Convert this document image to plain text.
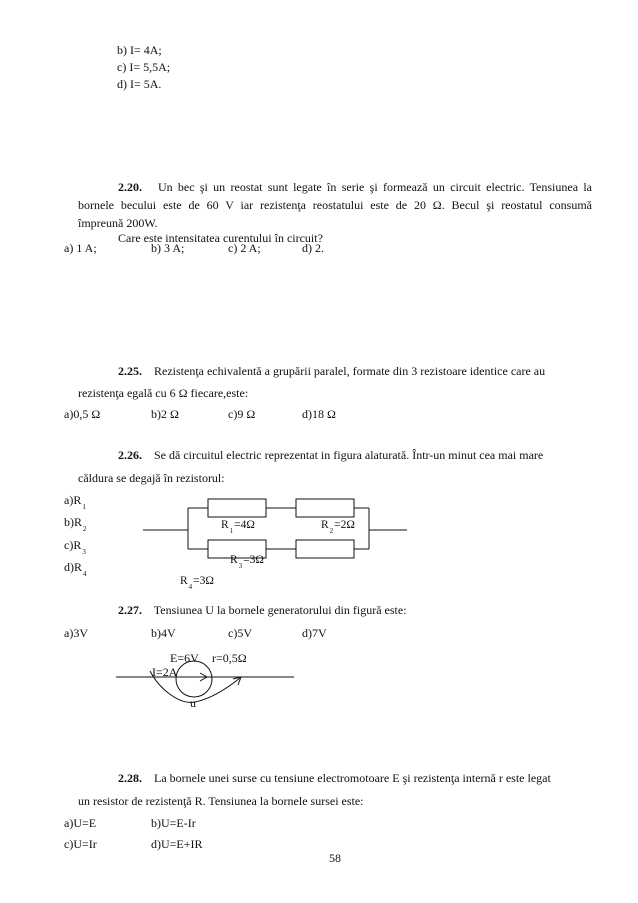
b) I= 4A;
c) I= 5,5A;
d) I= 5A.
2.20. Un bec şi un reostat sunt legate în serie şi formează un circuit electric. Tensiunea la
bornele becului este de 60 V iar rezistenţa reostatului este de 20 Ω. Becul şi reostatul consumă
împreună 200W.
Care este intensitatea curentului în circuit?
a) 1 A;	b) 3 A;	c) 2 A;	d) 2.
2.25. Rezistenţa echivalentă a grupării paralel, formate din 3 rezistoare identice care au
rezistenţa egală cu 6 Ω fiecare,este:
a)0,5 Ω	b)2 Ω	c)9 Ω	d)18 Ω
2.26. Se dă circuitul electric reprezentat in figura alaturată. Într-un minut cea mai mare
căldura se degajă în rezistorul:
$a)R_1$
$b)R_2$
$c)R_3$
$d)R_4$
$R_1=4\Omega$	$R_2=2\Omega$
$R_3=3\Omega$
$R_4=3\Omega$
2.27. Tensiunea U la bornele generatorului din figură este:
a)3V	b)4V	c)5V	d)7V
E=6V r=0,5Ω
I=2A
u
2.28. La bornele unei surse cu tensiune electromotoare E şi rezistenţa internă r este legat
un resistor de rezistenţă R. Tensiunea la bornele sursei este:
a)U=E	b)U=E-Ir
c)U=Ir	d)U=E+IR
58
